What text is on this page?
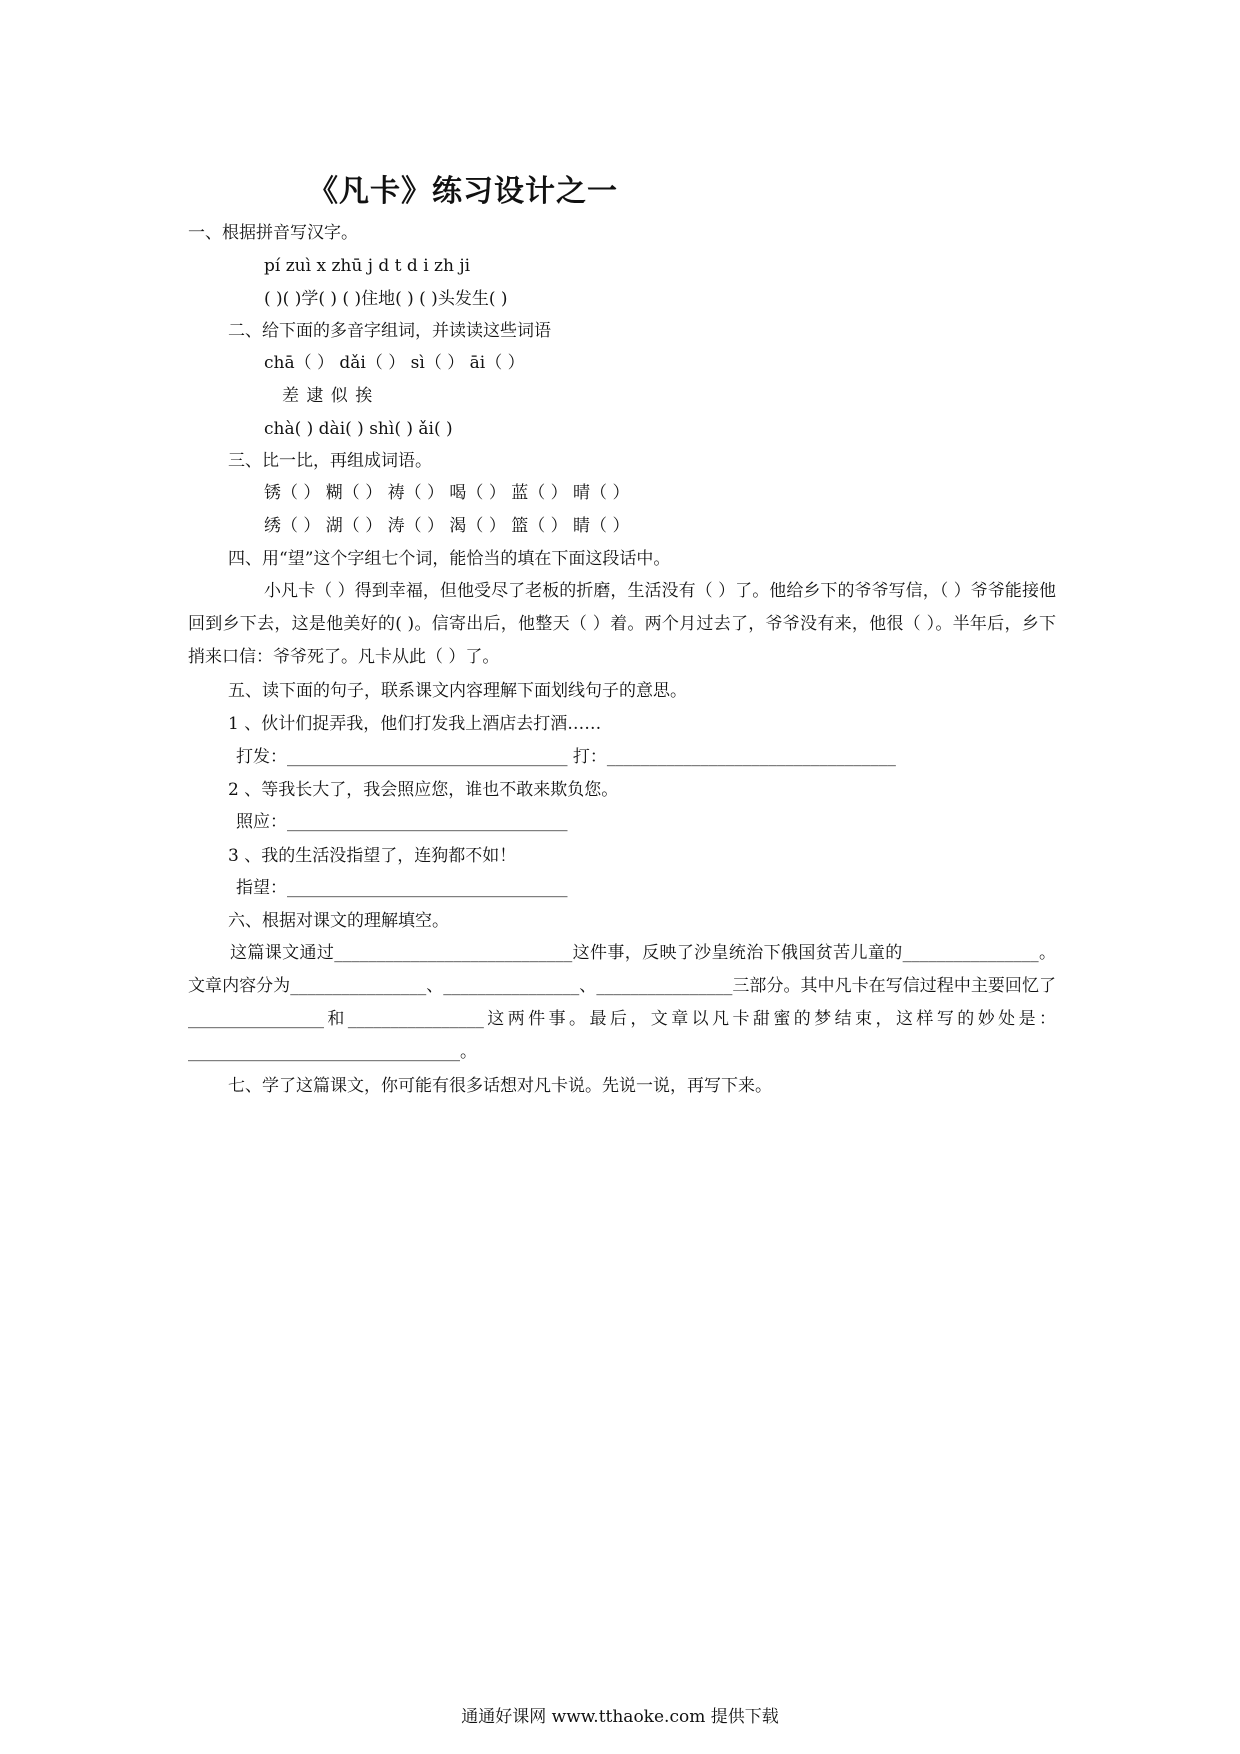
《凡卡》练习设计之一
一、根据拼音写汉字。
pí zuì x zhū j d t d i zh ji
( )( )学( ) ( )住地( ) ( )头发生( )
二、给下面的多音字组词，并读读这些词语
chā（ ） dǎi（ ） sì（ ） āi（ ）
差 逮 似 挨
chà( ) dài( ) shì( ) ǎi( )
三、比一比，再组成词语。
锈（ ） 糊（ ） 祷（ ） 喝（ ） 蓝（ ） 晴（ ）
绣（ ） 湖（ ） 涛（ ） 渴（ ） 篮（ ） 睛（ ）
四、用“望”这个字组七个词，能恰当的填在下面这段话中。
小凡卡（ ）得到幸福，但他受尽了老板的折磨，生活没有（ ）了。他给乡下的爷爷写信，（ ）爷爷能接他回到乡下去，这是他美好的( )。信寄出后，他整天（ ）着。两个月过去了，爷爷没有来，他很（ ）。半年后，乡下捎来口信：爷爷死了。凡卡从此（ ）了。
五、读下面的句子，联系课文内容理解下面划线句子的意思。
1 、伙计们捉弄我，他们打发我上酒店去打酒……
打发：_________________________________ 打：__________________________________
2 、等我长大了，我会照应您，谁也不敢来欺负您。
照应：_________________________________
3 、我的生活没指望了，连狗都不如！
指望：_________________________________
六、根据对课文的理解填空。
这篇课文通过____________________________这件事，反映了沙皇统治下俄国贫苦儿童的________________。文章内容分为________________、________________、________________三部分。其中凡卡在写信过程中主要回忆了________________和________________这两件事。最后，文章以凡卡甜蜜的梦结束，这样写的妙处是：________________________________。
七、学了这篇课文，你可能有很多话想对凡卡说。先说一说，再写下来。
通通好课网 www.tthaoke.com 提供下载
